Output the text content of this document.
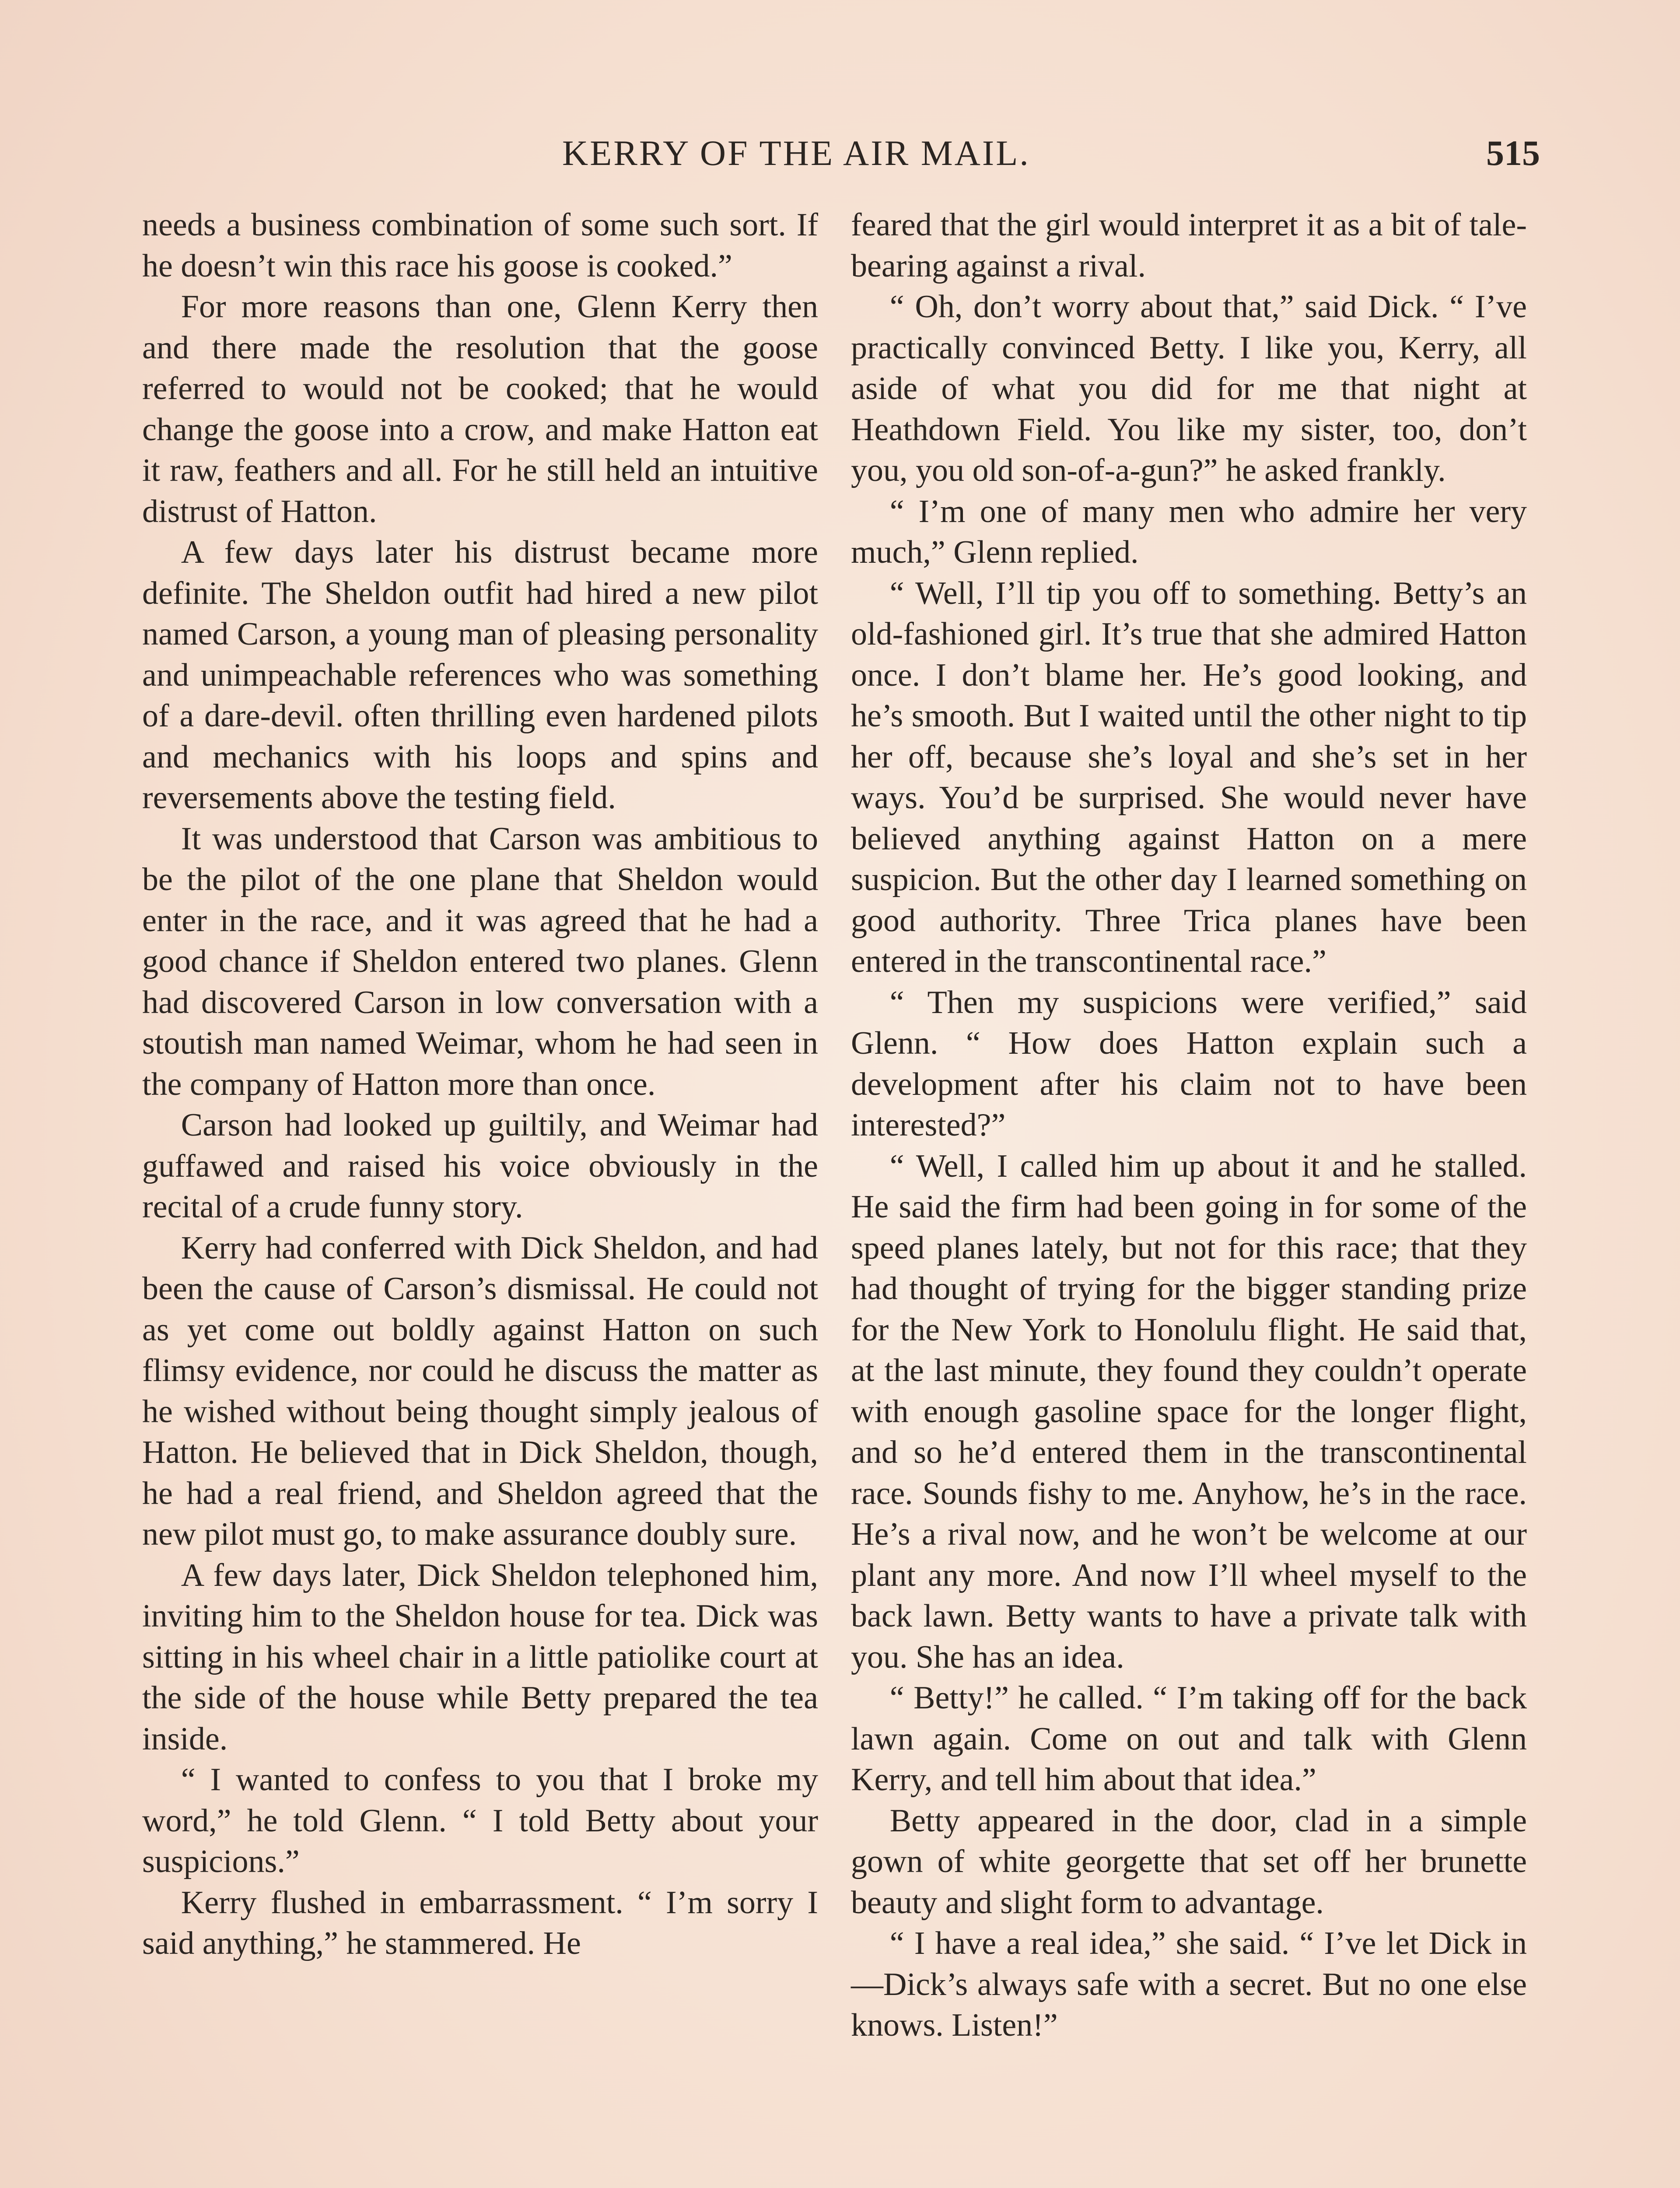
KERRY OF THE AIR MAIL.	515

needs a business combination of some such sort. If he doesn’t win this race his goose is cooked.”

For more reasons than one, Glenn Kerry then and there made the resolution that the goose referred to would not be cooked; that he would change the goose into a crow, and make Hatton eat it raw, feathers and all. For he still held an intuitive distrust of Hatton.

A few days later his distrust became more definite. The Sheldon outfit had hired a new pilot named Carson, a young man of pleasing personality and unimpeachable references who was something of a dare-devil. often thrilling even hardened pilots and mechanics with his loops and spins and reversements above the testing field.

It was understood that Carson was ambitious to be the pilot of the one plane that Sheldon would enter in the race, and it was agreed that he had a good chance if Sheldon entered two planes. Glenn had discovered Carson in low conversation with a stoutish man named Weimar, whom he had seen in the company of Hatton more than once.

Carson had looked up guiltily, and Weimar had guffawed and raised his voice obviously in the recital of a crude funny story.

Kerry had conferred with Dick Sheldon, and had been the cause of Carson’s dismissal. He could not as yet come out boldly against Hatton on such flimsy evidence, nor could he discuss the matter as he wished without being thought simply jealous of Hatton. He believed that in Dick Sheldon, though, he had a real friend, and Sheldon agreed that the new pilot must go, to make assurance doubly sure.

A few days later, Dick Sheldon telephoned him, inviting him to the Sheldon house for tea. Dick was sitting in his wheel chair in a little patiolike court at the side of the house while Betty prepared the tea inside.

“ I wanted to confess to you that I broke my word,” he told Glenn. “ I told Betty about your suspicions.”

Kerry flushed in embarrassment. “ I’m sorry I said anything,” he stammered. He

feared that the girl would interpret it as a bit of tale-bearing against a rival.

“ Oh, don’t worry about that,” said Dick. “ I’ve practically convinced Betty. I like you, Kerry, all aside of what you did for me that night at Heathdown Field. You like my sister, too, don’t you, you old son-of-a-gun?” he asked frankly.

“ I’m one of many men who admire her very much,” Glenn replied.

“ Well, I’ll tip you off to something. Betty’s an old-fashioned girl. It’s true that she admired Hatton once. I don’t blame her. He’s good looking, and he’s smooth. But I waited until the other night to tip her off, because she’s loyal and she’s set in her ways. You’d be surprised. She would never have believed anything against Hatton on a mere suspicion. But the other day I learned something on good authority. Three Trica planes have been entered in the transcontinental race.”

“ Then my suspicions were verified,” said Glenn. “ How does Hatton explain such a development after his claim not to have been interested?”

“ Well, I called him up about it and he stalled. He said the firm had been going in for some of the speed planes lately, but not for this race; that they had thought of trying for the bigger standing prize for the New York to Honolulu flight. He said that, at the last minute, they found they couldn’t operate with enough gasoline space for the longer flight, and so he’d entered them in the transcontinental race. Sounds fishy to me. Anyhow, he’s in the race. He’s a rival now, and he won’t be welcome at our plant any more. And now I’ll wheel myself to the back lawn. Betty wants to have a private talk with you. She has an idea.

“ Betty!” he called. “ I’m taking off for the back lawn again. Come on out and talk with Glenn Kerry, and tell him about that idea.”

Betty appeared in the door, clad in a simple gown of white georgette that set off her brunette beauty and slight form to advantage.

“ I have a real idea,” she said. “ I’ve let Dick in—Dick’s always safe with a secret. But no one else knows. Listen!”
